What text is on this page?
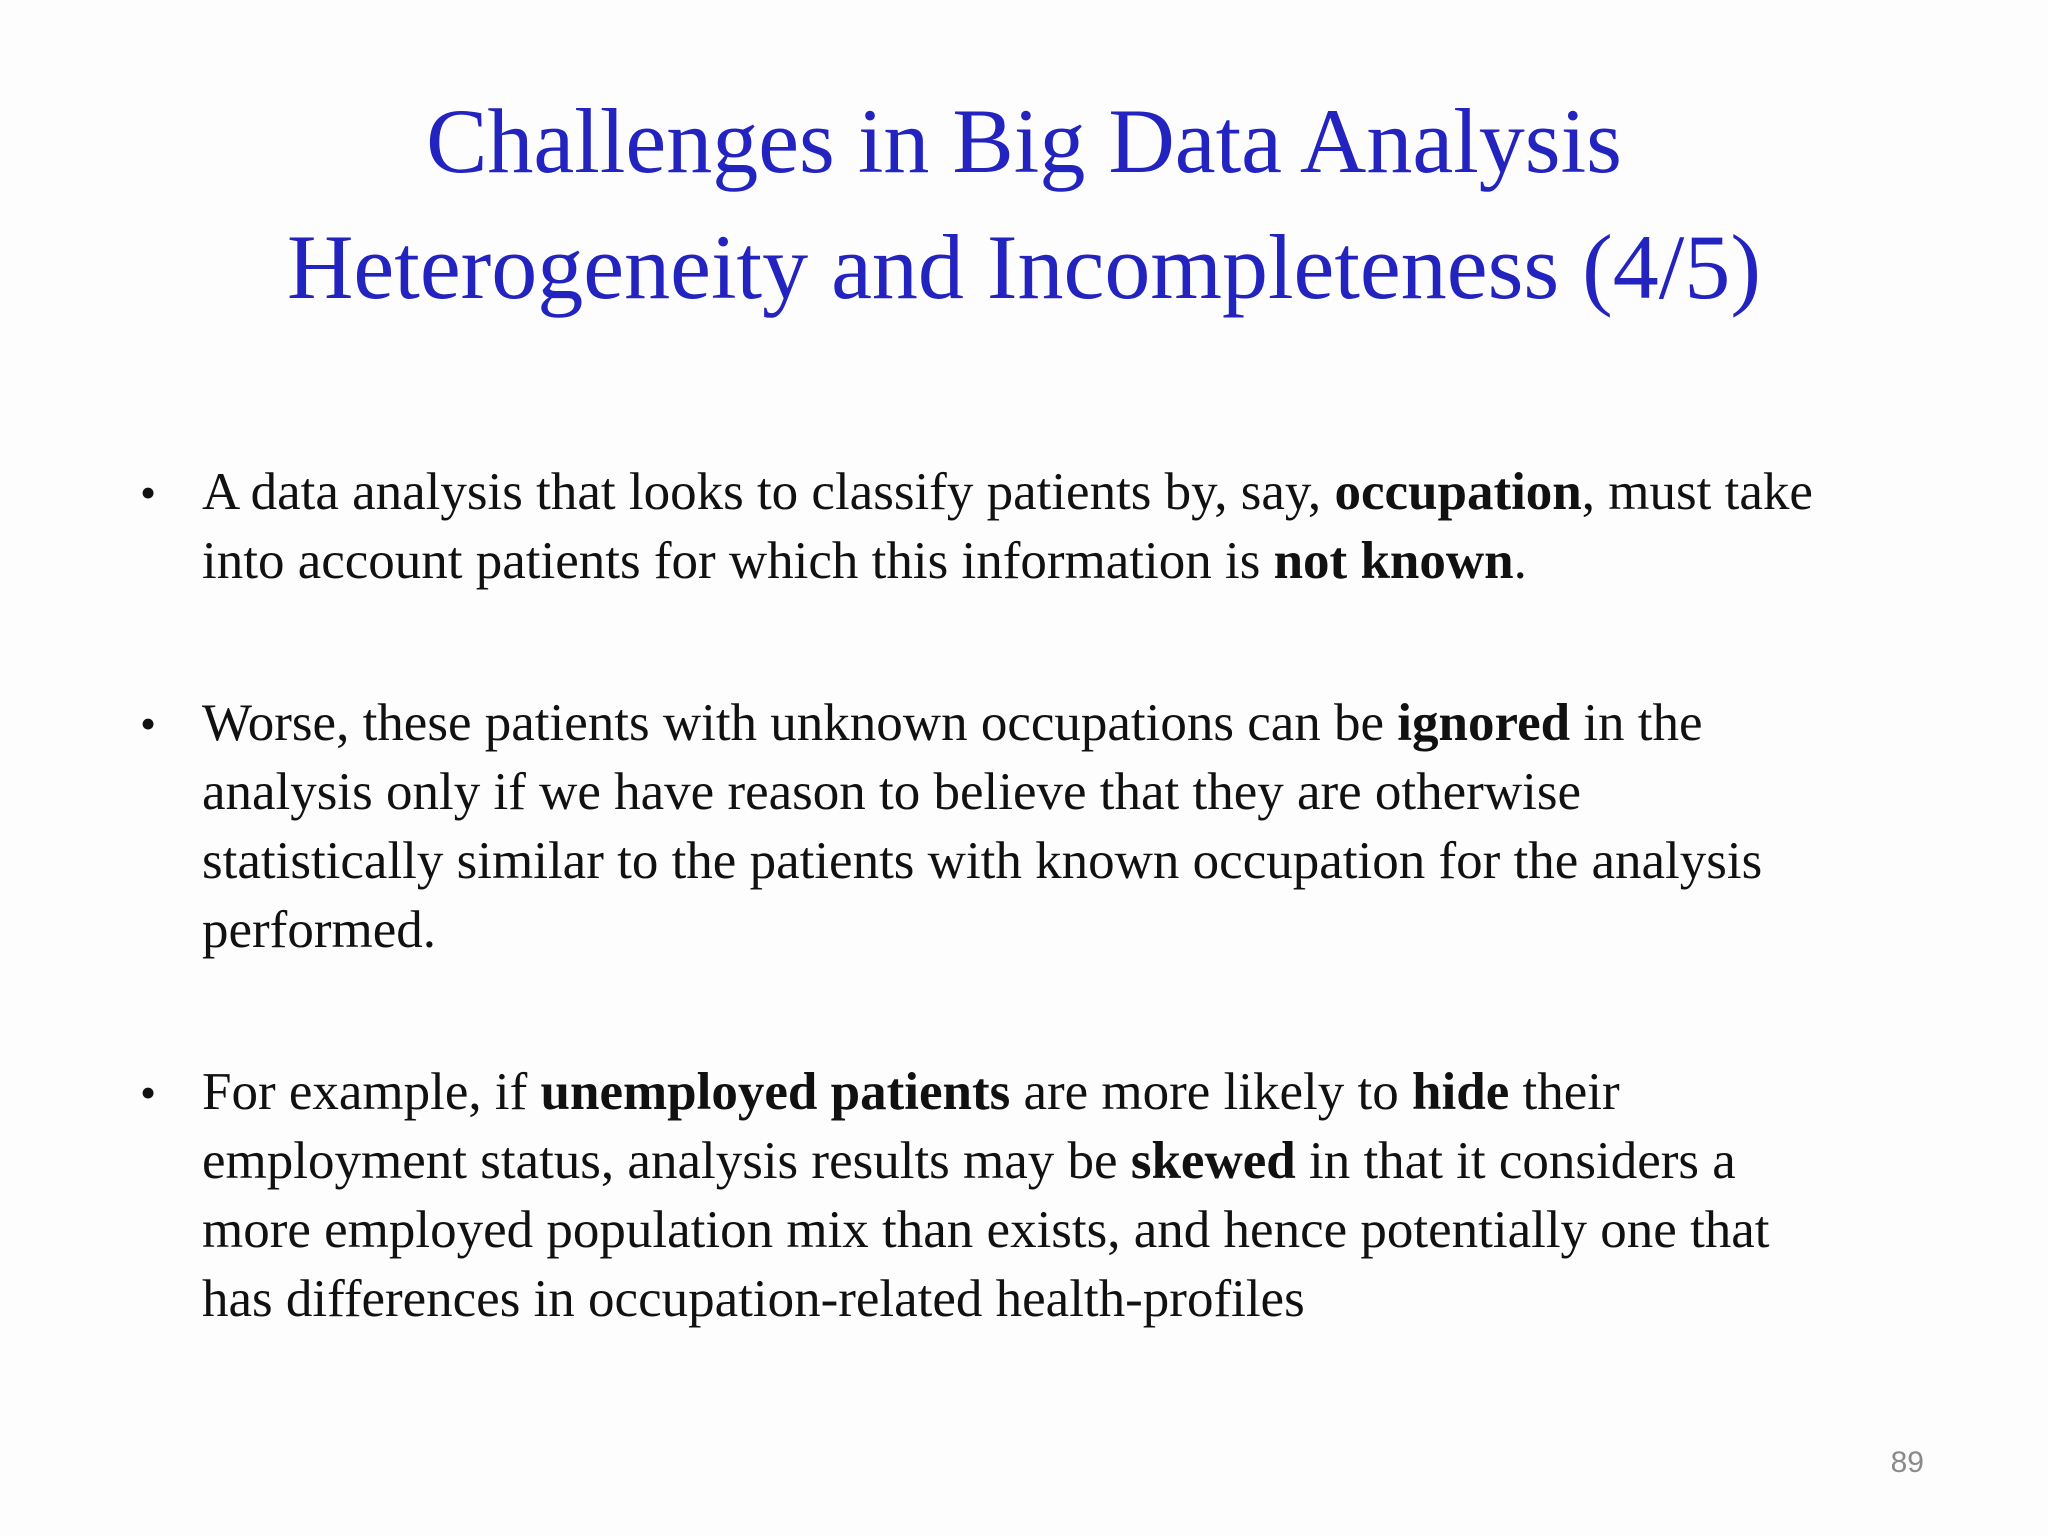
Challenges in Big Data Analysis
Heterogeneity and Incompleteness (4/5)
• A data analysis that looks to classify patients by, say, occupation, must take
into account patients for which this information is not known.
• Worse, these patients with unknown occupations can be ignored in the
analysis only if we have reason to believe that they are otherwise
statistically similar to the patients with known occupation for the analysis
performed.
• For example, if unemployed patients are more likely to hide their
employment status, analysis results may be skewed in that it considers a
more employed population mix than exists, and hence potentially one that
has differences in occupation-related health-profiles
89
